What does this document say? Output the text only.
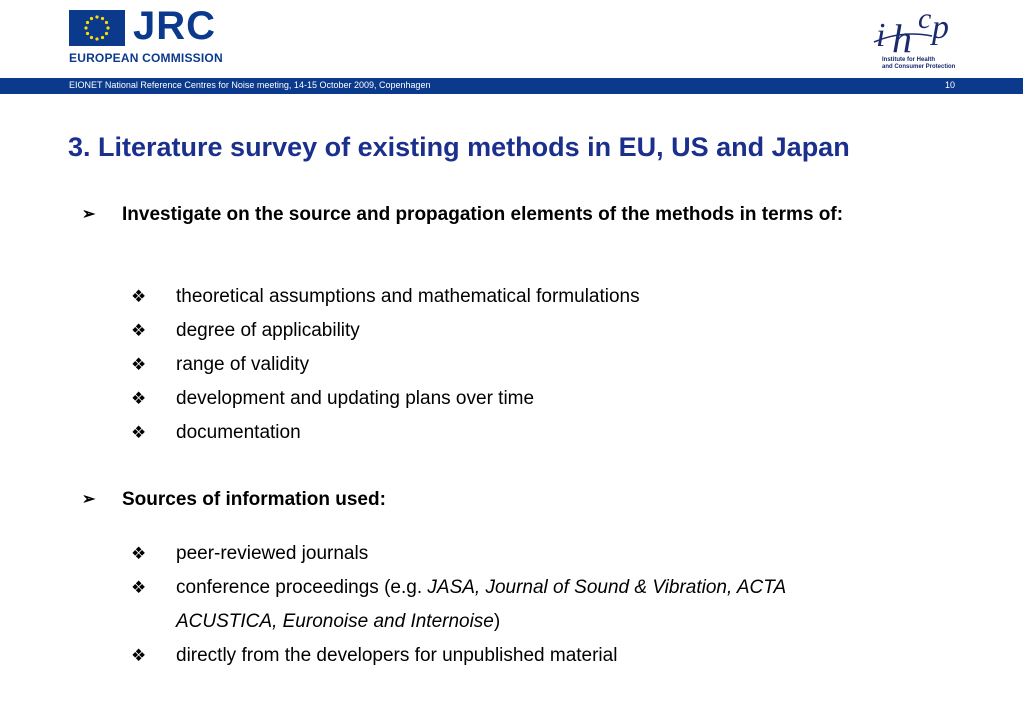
JRC
EUROPEAN COMMISSION
i h c p
Institute for Health
and Consumer Protection
EIONET National Reference Centres for Noise meeting, 14-15 October 2009, Copenhagen	10
3. Literature survey of existing methods in EU, US and Japan
➢ Investigate on the source and propagation elements of the methods in terms of:
❖ theoretical assumptions and mathematical formulations
❖ degree of applicability
❖ range of validity
❖ development and updating plans over time
❖ documentation
➢ Sources of information used:
❖ peer-reviewed journals
❖ conference proceedings (e.g. JASA, Journal of Sound & Vibration, ACTA
ACUSTICA, Euronoise and Internoise)
❖ directly from the developers for unpublished material
